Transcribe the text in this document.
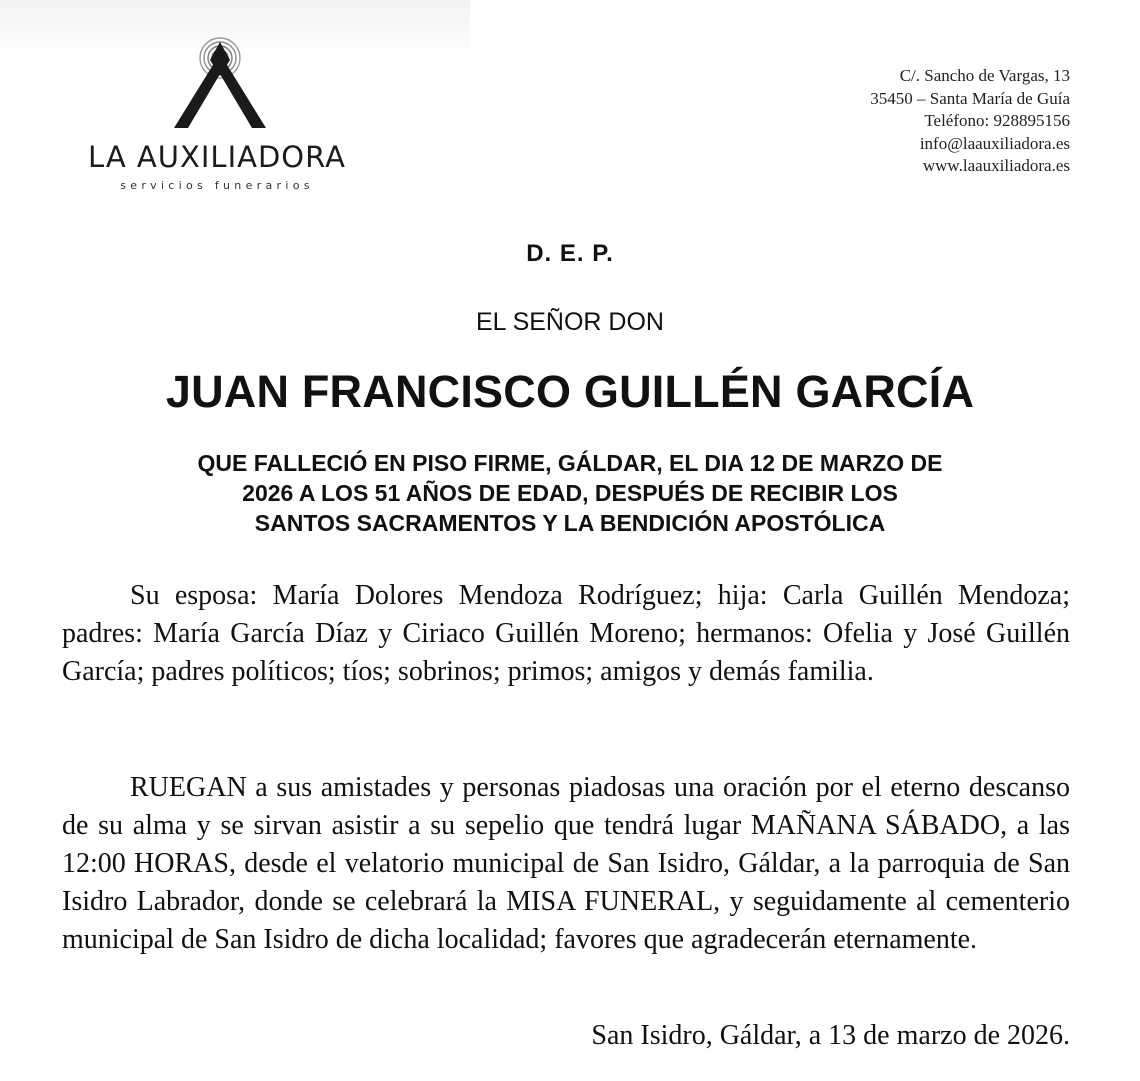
LA AUXILIADORA
servicios funerarios
C/. Sancho de Vargas, 13
35450 – Santa María de Guía
Teléfono: 928895156
info@laauxiliadora.es
www.laauxiliadora.es
D. E. P.
EL SEÑOR DON
JUAN FRANCISCO GUILLÉN GARCÍA
QUE FALLECIÓ EN PISO FIRME, GÁLDAR, EL DIA 12 DE MARZO DE
2026 A LOS 51 AÑOS DE EDAD, DESPUÉS DE RECIBIR LOS
SANTOS SACRAMENTOS Y LA BENDICIÓN APOSTÓLICA
Su esposa: María Dolores Mendoza Rodríguez; hija: Carla Guillén Mendoza; padres: María García Díaz y Ciriaco Guillén Moreno; hermanos: Ofelia y José Guillén García; padres políticos; tíos; sobrinos; primos; amigos y demás familia.
RUEGAN a sus amistades y personas piadosas una oración por el eterno descanso de su alma y se sirvan asistir a su sepelio que tendrá lugar MAÑANA SÁBADO, a las 12:00 HORAS, desde el velatorio municipal de San Isidro, Gáldar, a la parroquia de San Isidro Labrador, donde se celebrará la MISA FUNERAL, y seguidamente al cementerio municipal de San Isidro de dicha localidad; favores que agradecerán eternamente.
San Isidro, Gáldar, a 13 de marzo de 2026.
